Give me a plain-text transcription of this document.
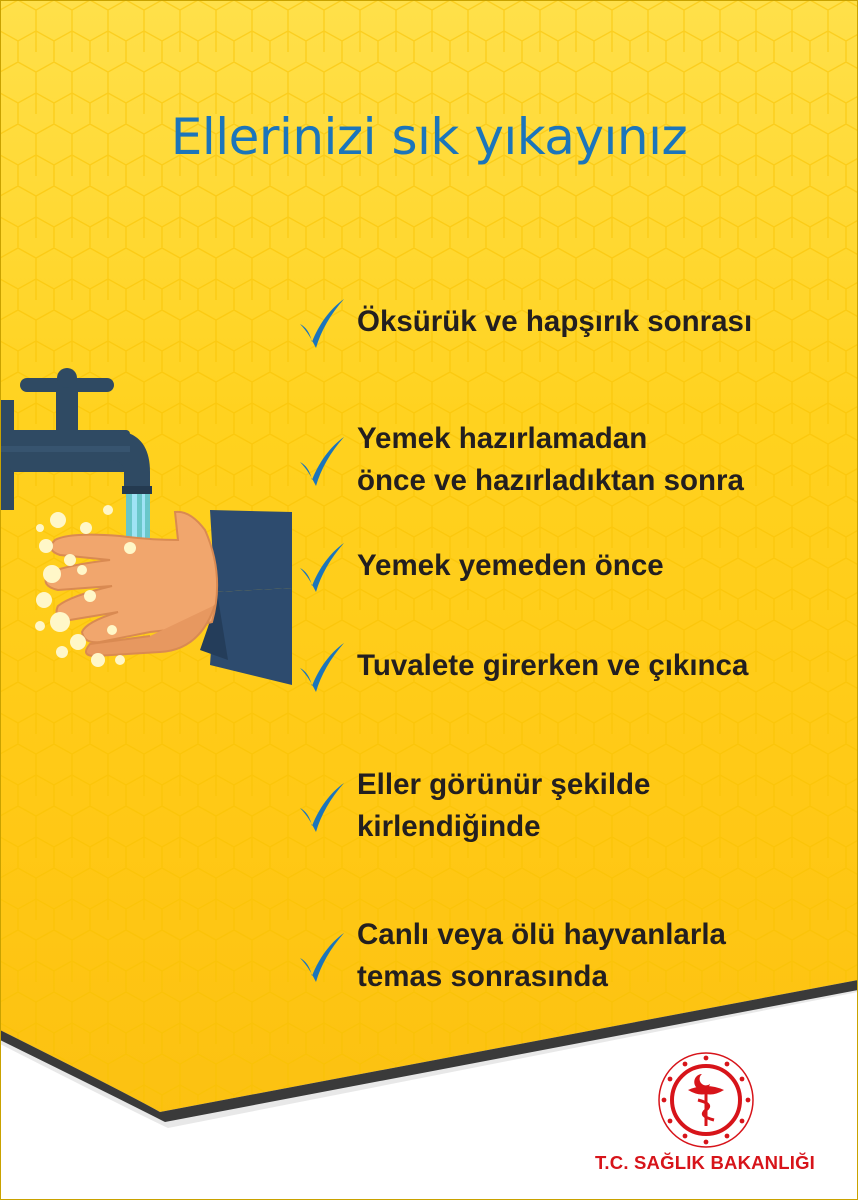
Ellerinizi sık yıkayınız
Öksürük ve hapşırık sonrası
Yemek hazırlamadan
önce ve hazırladıktan sonra
Yemek yemeden önce
Tuvalete girerken ve çıkınca
Eller görünür şekilde
kirlendiğinde
Canlı veya ölü hayvanlarla
temas sonrasında
T.C. SAĞLIK BAKANLIĞI
